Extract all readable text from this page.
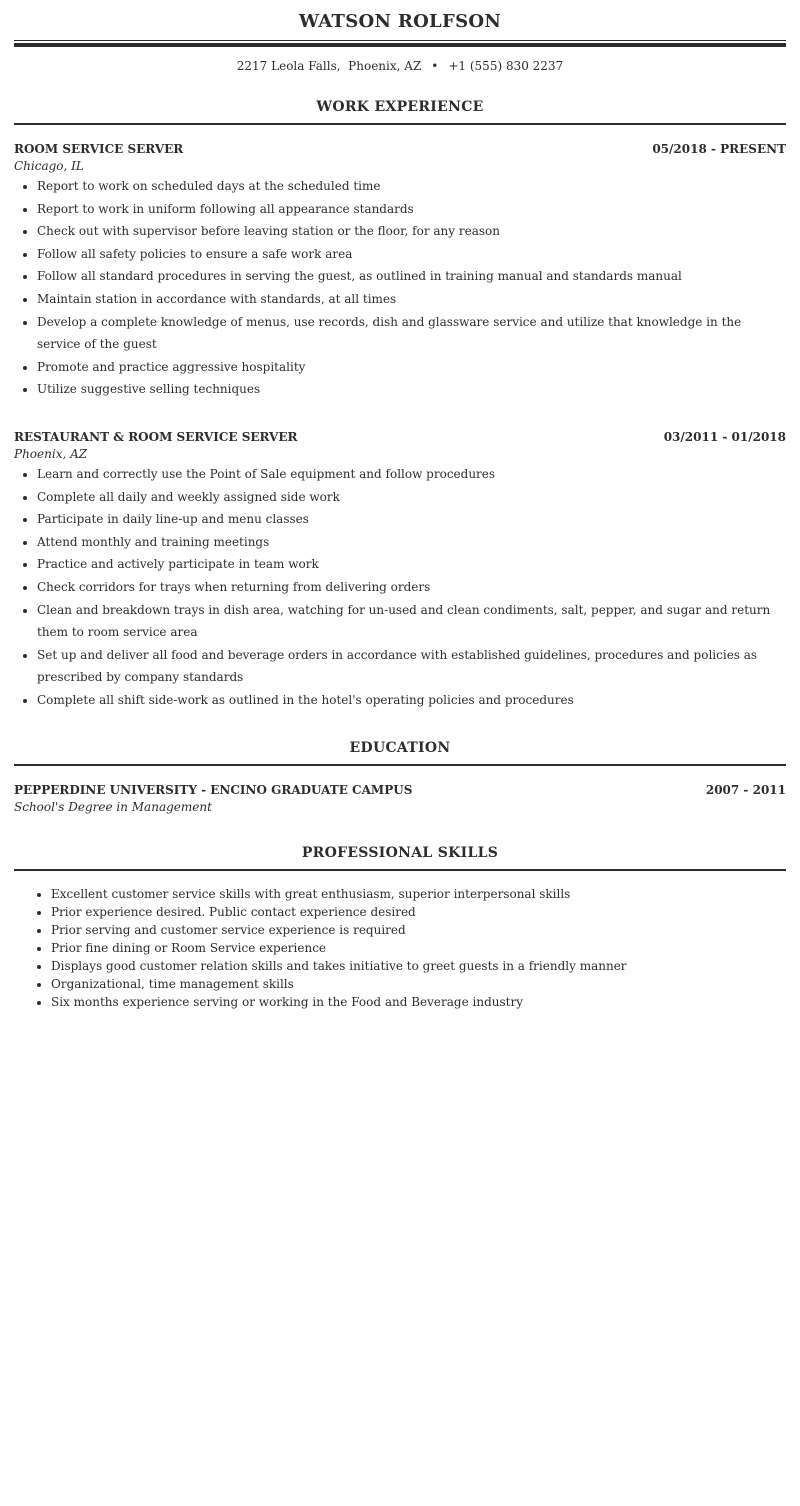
WATSON ROLFSON
2217 Leola Falls,  Phoenix, AZ • +1 (555) 830 2237
WORK EXPERIENCE
ROOM SERVICE SERVER	05/2018 - PRESENT
Chicago, IL
• Report to work on scheduled days at the scheduled time
• Report to work in uniform following all appearance standards
• Check out with supervisor before leaving station or the floor, for any reason
• Follow all safety policies to ensure a safe work area
• Follow all standard procedures in serving the guest, as outlined in training manual and standards manual
• Maintain station in accordance with standards, at all times
• Develop a complete knowledge of menus, use records, dish and glassware service and utilize that knowledge in the service of the guest
• Promote and practice aggressive hospitality
• Utilize suggestive selling techniques
RESTAURANT & ROOM SERVICE SERVER	03/2011 - 01/2018
Phoenix, AZ
• Learn and correctly use the Point of Sale equipment and follow procedures
• Complete all daily and weekly assigned side work
• Participate in daily line-up and menu classes
• Attend monthly and training meetings
• Practice and actively participate in team work
• Check corridors for trays when returning from delivering orders
• Clean and breakdown trays in dish area, watching for un-used and clean condiments, salt, pepper, and sugar and return them to room service area
• Set up and deliver all food and beverage orders in accordance with established guidelines, procedures and policies as prescribed by company standards
• Complete all shift side-work as outlined in the hotel's operating policies and procedures
EDUCATION
PEPPERDINE UNIVERSITY - ENCINO GRADUATE CAMPUS	2007 - 2011
School's Degree in Management
PROFESSIONAL SKILLS
• Excellent customer service skills with great enthusiasm, superior interpersonal skills
• Prior experience desired. Public contact experience desired
• Prior serving and customer service experience is required
• Prior fine dining or Room Service experience
• Displays good customer relation skills and takes initiative to greet guests in a friendly manner
• Organizational, time management skills
• Six months experience serving or working in the Food and Beverage industry
